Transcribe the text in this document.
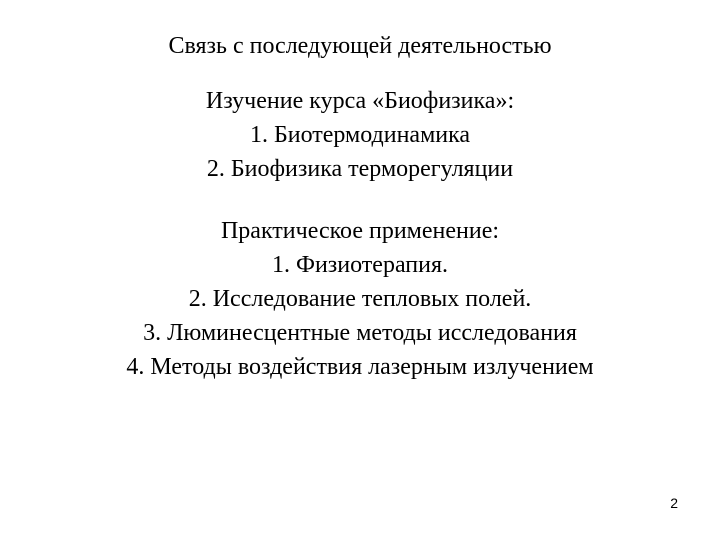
Связь с последующей деятельностью
Изучение курса «Биофизика»:
1. Биотермодинамика
2. Биофизика терморегуляции
Практическое применение:
1. Физиотерапия.
2. Исследование тепловых полей.
3. Люминесцентные методы исследования
4. Методы воздействия лазерным излучением
2
